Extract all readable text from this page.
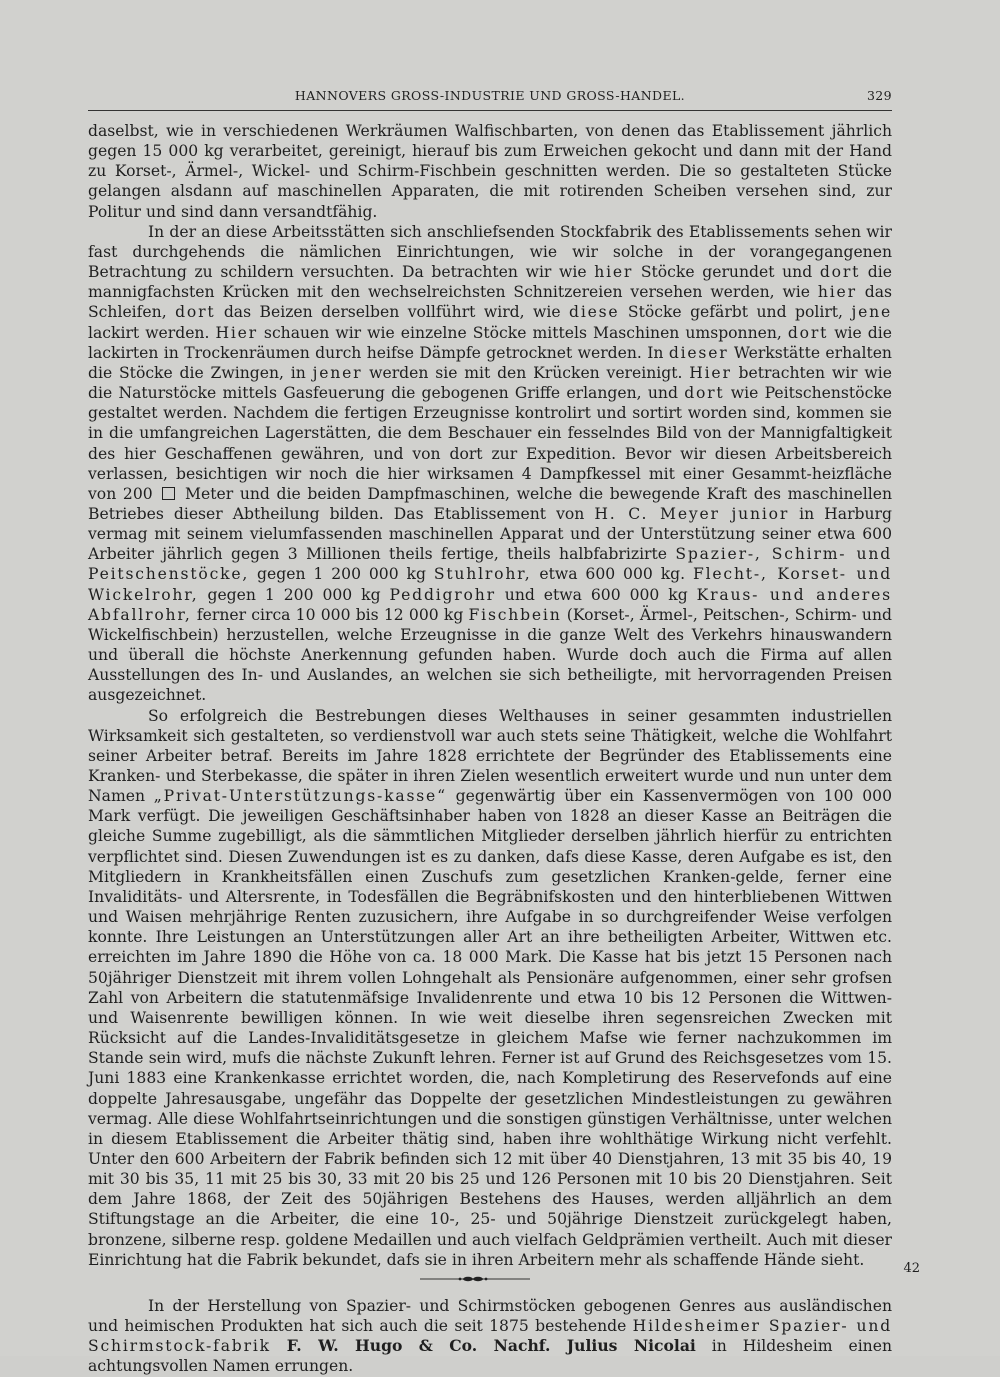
HANNOVERS GROSS-INDUSTRIE UND GROSS-HANDEL.	329

daselbst, wie in verschiedenen Werkräumen Walfischbarten, von denen das Etablissement jährlich gegen 15 000 kg verarbeitet, gereinigt, hierauf bis zum Erweichen gekocht und dann mit der Hand zu Korset-, Ärmel-, Wickel- und Schirm-Fischbein geschnitten werden. Die so gestalteten Stücke gelangen alsdann auf maschinellen Apparaten, die mit rotirenden Scheiben versehen sind, zur Politur und sind dann versandtfähig.

In der an diese Arbeitsstätten sich anschliefsenden Stockfabrik des Etablissements sehen wir fast durchgehends die nämlichen Einrichtungen, wie wir solche in der vorangegangenen Betrachtung zu schildern versuchten. Da betrachten wir wie hier Stöcke gerundet und dort die mannigfachsten Krücken mit den wechselreichsten Schnitzereien versehen werden, wie hier das Schleifen, dort das Beizen derselben vollführt wird, wie diese Stöcke gefärbt und polirt, jene lackirt werden. Hier schauen wir wie einzelne Stöcke mittels Maschinen umsponnen, dort wie die lackirten in Trockenräumen durch heifse Dämpfe getrocknet werden. In dieser Werkstätte erhalten die Stöcke die Zwingen, in jener werden sie mit den Krücken vereinigt. Hier betrachten wir wie die Naturstöcke mittels Gasfeuerung die gebogenen Griffe erlangen, und dort wie Peitschenstöcke gestaltet werden. Nachdem die fertigen Erzeugnisse kontrolirt und sortirt worden sind, kommen sie in die umfangreichen Lagerstätten, die dem Beschauer ein fesselndes Bild von der Mannigfaltigkeit des hier Geschaffenen gewähren, und von dort zur Expedition. Bevor wir diesen Arbeitsbereich verlassen, besichtigen wir noch die hier wirksamen 4 Dampfkessel mit einer Gesammt-heizfläche von 200  Meter und die beiden Dampfmaschinen, welche die bewegende Kraft des maschinellen Betriebes dieser Abtheilung bilden. Das Etablissement von H. C. Meyer junior in Harburg vermag mit seinem vielumfassenden maschinellen Apparat und der Unterstützung seiner etwa 600 Arbeiter jährlich gegen 3 Millionen theils fertige, theils halbfabrizirte Spazier-, Schirm- und Peitschenstöcke, gegen 1 200 000 kg Stuhlrohr, etwa 600 000 kg. Flecht-, Korset- und Wickelrohr, gegen 1 200 000 kg Peddigrohr und etwa 600 000 kg Kraus- und anderes Abfallrohr, ferner circa 10 000 bis 12 000 kg Fischbein (Korset-, Ärmel-, Peitschen-, Schirm- und Wickelfischbein) herzustellen, welche Erzeugnisse in die ganze Welt des Verkehrs hinauswandern und überall die höchste Anerkennung gefunden haben. Wurde doch auch die Firma auf allen Ausstellungen des In- und Auslandes, an welchen sie sich betheiligte, mit hervorragenden Preisen ausgezeichnet.

So erfolgreich die Bestrebungen dieses Welthauses in seiner gesammten industriellen Wirksamkeit sich gestalteten, so verdienstvoll war auch stets seine Thätigkeit, welche die Wohlfahrt seiner Arbeiter betraf. Bereits im Jahre 1828 errichtete der Begründer des Etablissements eine Kranken- und Sterbekasse, die später in ihren Zielen wesentlich erweitert wurde und nun unter dem Namen „Privat-Unterstützungs-kasse“ gegenwärtig über ein Kassenvermögen von 100 000 Mark verfügt. Die jeweiligen Geschäftsinhaber haben von 1828 an dieser Kasse an Beiträgen die gleiche Summe zugebilligt, als die sämmtlichen Mitglieder derselben jährlich hierfür zu entrichten verpflichtet sind. Diesen Zuwendungen ist es zu danken, dafs diese Kasse, deren Aufgabe es ist, den Mitgliedern in Krankheitsfällen einen Zuschufs zum gesetzlichen Kranken-gelde, ferner eine Invaliditäts- und Altersrente, in Todesfällen die Begräbnifskosten und den hinterbliebenen Wittwen und Waisen mehrjährige Renten zuzusichern, ihre Aufgabe in so durchgreifender Weise verfolgen konnte. Ihre Leistungen an Unterstützungen aller Art an ihre betheiligten Arbeiter, Wittwen etc. erreichten im Jahre 1890 die Höhe von ca. 18 000 Mark. Die Kasse hat bis jetzt 15 Personen nach 50jähriger Dienstzeit mit ihrem vollen Lohngehalt als Pensionäre aufgenommen, einer sehr grofsen Zahl von Arbeitern die statutenmäfsige Invalidenrente und etwa 10 bis 12 Personen die Wittwen- und Waisenrente bewilligen können. In wie weit dieselbe ihren segensreichen Zwecken mit Rücksicht auf die Landes-Invaliditätsgesetze in gleichem Mafse wie ferner nachzukommen im Stande sein wird, mufs die nächste Zukunft lehren. Ferner ist auf Grund des Reichsgesetzes vom 15. Juni 1883 eine Krankenkasse errichtet worden, die, nach Kompletirung des Reservefonds auf eine doppelte Jahresausgabe, ungefähr das Doppelte der gesetzlichen Mindestleistungen zu gewähren vermag. Alle diese Wohlfahrtseinrichtungen und die sonstigen günstigen Verhältnisse, unter welchen in diesem Etablissement die Arbeiter thätig sind, haben ihre wohlthätige Wirkung nicht verfehlt. Unter den 600 Arbeitern der Fabrik befinden sich 12 mit über 40 Dienstjahren, 13 mit 35 bis 40, 19 mit 30 bis 35, 11 mit 25 bis 30, 33 mit 20 bis 25 und 126 Personen mit 10 bis 20 Dienstjahren. Seit dem Jahre 1868, der Zeit des 50jährigen Bestehens des Hauses, werden alljährlich an dem Stiftungstage an die Arbeiter, die eine 10-, 25- und 50jährige Dienstzeit zurückgelegt haben, bronzene, silberne resp. goldene Medaillen und auch vielfach Geldprämien vertheilt. Auch mit dieser Einrichtung hat die Fabrik bekundet, dafs sie in ihren Arbeitern mehr als schaffende Hände sieht.

In der Herstellung von Spazier- und Schirmstöcken gebogenen Genres aus ausländischen und heimischen Produkten hat sich auch die seit 1875 bestehende Hildesheimer Spazier- und Schirmstock-fabrik F. W. Hugo & Co. Nachf. Julius Nicolai in Hildesheim einen achtungsvollen Namen errungen.

42
